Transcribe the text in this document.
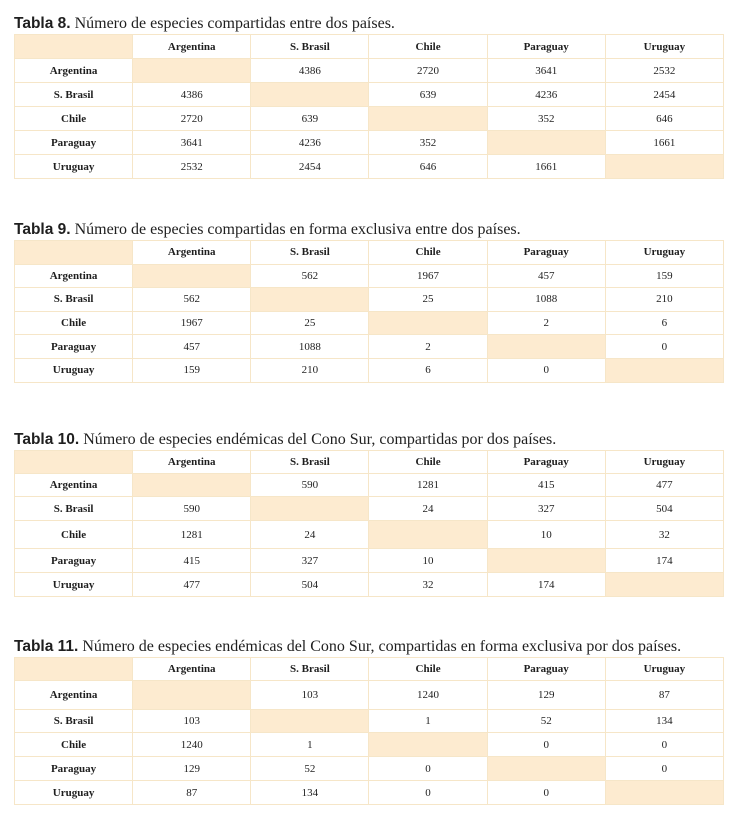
Tabla 8. Número de especies compartidas entre dos países.
	Argentina	S. Brasil	Chile	Paraguay	Uruguay
Argentina		4386	2720	3641	2532
S. Brasil	4386		639	4236	2454
Chile	2720	639		352	646
Paraguay	3641	4236	352		1661
Uruguay	2532	2454	646	1661	
Tabla 9. Número de especies compartidas en forma exclusiva entre dos países.
	Argentina	S. Brasil	Chile	Paraguay	Uruguay
Argentina		562	1967	457	159
S. Brasil	562		25	1088	210
Chile	1967	25		2	6
Paraguay	457	1088	2		0
Uruguay	159	210	6	0	
Tabla 10. Número de especies endémicas del Cono Sur, compartidas por dos países.
	Argentina	S. Brasil	Chile	Paraguay	Uruguay
Argentina		590	1281	415	477
S. Brasil	590		24	327	504
Chile	1281	24		10	32
Paraguay	415	327	10		174
Uruguay	477	504	32	174	
Tabla 11. Número de especies endémicas del Cono Sur, compartidas en forma exclusiva por dos países.
	Argentina	S. Brasil	Chile	Paraguay	Uruguay
Argentina		103	1240	129	87
S. Brasil	103		1	52	134
Chile	1240	1		0	0
Paraguay	129	52	0		0
Uruguay	87	134	0	0	
